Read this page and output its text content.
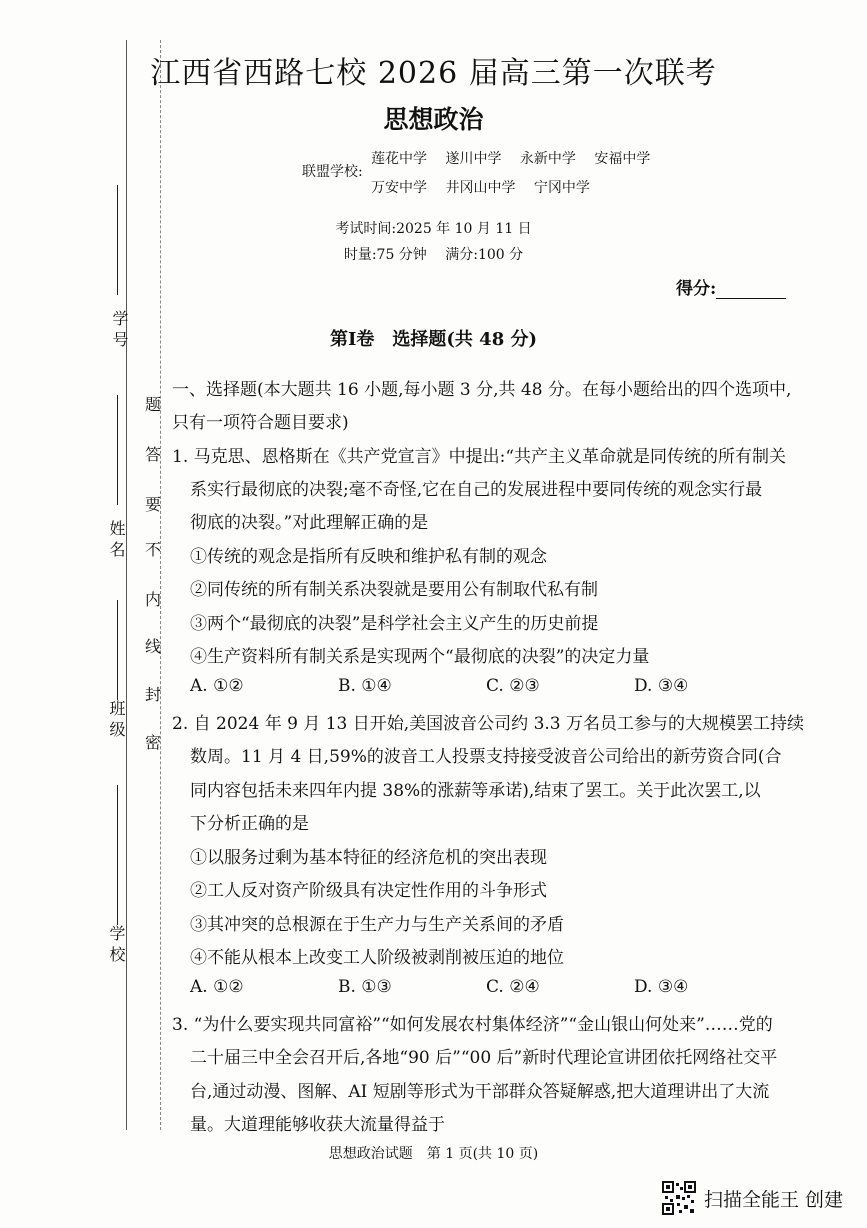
题
答
要
不
内
线
封
密
学 号
姓 名
班 级
学 校
江西省西路七校 2026 届高三第一次联考
思想政治
联盟学校:
莲花中学　 遂川中学　 永新中学　 安福中学
万安中学　 井冈山中学　 宁冈中学
考试时间:2025 年 10 月 11 日
时量:75 分钟　 满分:100 分
得分:
第Ⅰ卷　选择题(共 48 分)
一、选择题(本大题共 16 小题,每小题 3 分,共 48 分。在每小题给出的四个选项中,
只有一项符合题目要求)
1. 马克思、恩格斯在《共产党宣言》中提出:“共产主义革命就是同传统的所有制关
系实行最彻底的决裂;毫不奇怪,它在自己的发展进程中要同传统的观念实行最
彻底的决裂。”对此理解正确的是
①传统的观念是指所有反映和维护私有制的观念
②同传统的所有制关系决裂就是要用公有制取代私有制
③两个“最彻底的决裂”是科学社会主义产生的历史前提
④生产资料所有制关系是实现两个“最彻底的决裂”的决定力量
A. ①②	B. ①④	C. ②③	D. ③④
2. 自 2024 年 9 月 13 日开始,美国波音公司约 3.3 万名员工参与的大规模罢工持续
数周。11 月 4 日,59%的波音工人投票支持接受波音公司给出的新劳资合同(合
同内容包括未来四年内提 38%的涨薪等承诺),结束了罢工。关于此次罢工,以
下分析正确的是
①以服务过剩为基本特征的经济危机的突出表现
②工人反对资产阶级具有决定性作用的斗争形式
③其冲突的总根源在于生产力与生产关系间的矛盾
④不能从根本上改变工人阶级被剥削被压迫的地位
A. ①②	B. ①③	C. ②④	D. ③④
3. “为什么要实现共同富裕”“如何发展农村集体经济”“金山银山何处来”……党的
二十届三中全会召开后,各地“90 后”“00 后”新时代理论宣讲团依托网络社交平
台,通过动漫、图解、AI 短剧等形式为干部群众答疑解惑,把大道理讲出了大流
量。大道理能够收获大流量得益于
思想政治试题　第 1 页(共 10 页)
扫描全能王 创建
